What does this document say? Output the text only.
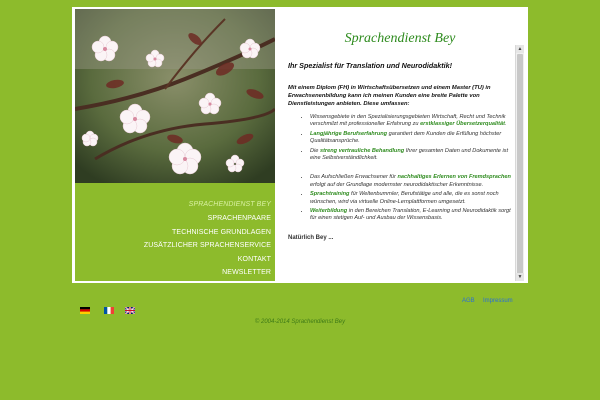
SPRACHENDIENST BEY
SPRACHENPAARE
TECHNISCHE GRUNDLAGEN
ZUSÄTZLICHER SPRACHENSERVICE
KONTAKT
NEWSLETTER
Sprachendienst Bey

Ihr Spezialist für Translation und Neurodidaktik!

Mit einem Diplom (FH) in Wirtschaftsübersetzen und einem Master (TU) in Erwachsenenbildung kann ich meinen Kunden eine breite Palette von Dienstleistungen anbieten. Diese umfassen:

• Wissensgebiete in den Spezialisierungsgebieten Wirtschaft, Recht und Technik verschmilzt mit professioneller Erfahrung zu erstklassiger Übersetzerqualität.
• Langjährige Berufserfahrung garantiert dem Kunden die Erfüllung höchster Qualitätsansprüche.
• Die streng vertrauliche Behandlung Ihrer gesamten Daten und Dokumente ist eine Selbstverständlichkeit.
• Das Aufschließen Erwachsener für nachhaltiges Erlernen von Fremdsprachen erfolgt auf der Grundlage modernster neurodidaktischer Erkenntnisse.
• Sprachtraining für Weltenbummler, Berufstätige und alle, die es sonst noch wünschen, wird via virtuelle Online-Lernplattformen umgesetzt.
• Weiterbildung in den Bereichen Translation, E-Learning und Neurodidaktik sorgt für einen stetigen Auf- und Ausbau der Wissensbasis.
Natürlich Bey ...
▲
▼
AGB Impressum
© 2004-2014 Sprachendienst Bey
